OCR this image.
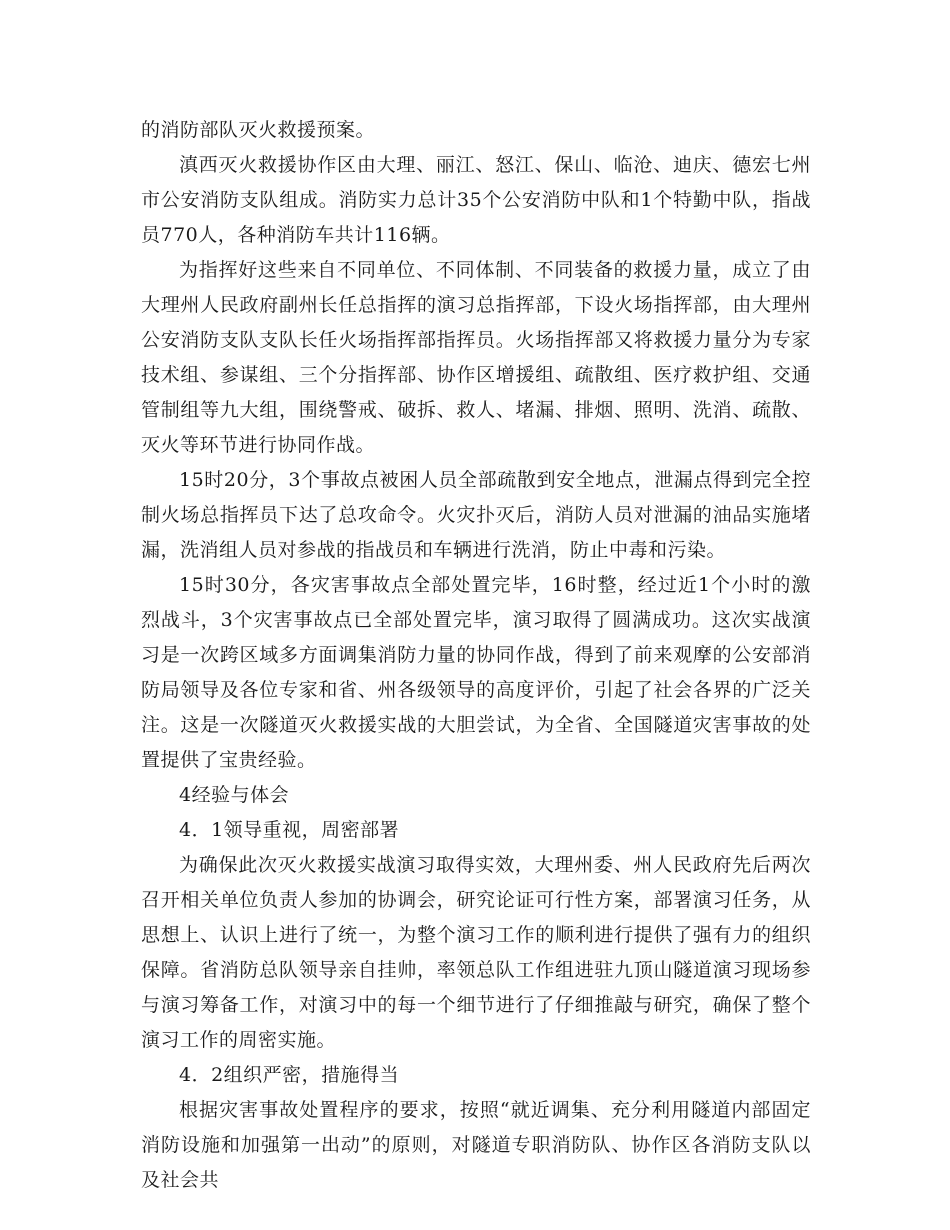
的消防部队灭火救援预案。

滇西灭火救援协作区由大理、丽江、怒江、保山、临沧、迪庆、德宏七州市公安消防支队组成。消防实力总计35个公安消防中队和1个特勤中队，指战员770人，各种消防车共计116辆。

为指挥好这些来自不同单位、不同体制、不同装备的救援力量，成立了由大理州人民政府副州长任总指挥的演习总指挥部，下设火场指挥部，由大理州公安消防支队支队长任火场指挥部指挥员。火场指挥部又将救援力量分为专家技术组、参谋组、三个分指挥部、协作区增援组、疏散组、医疗救护组、交通管制组等九大组，围绕警戒、破拆、救人、堵漏、排烟、照明、洗消、疏散、灭火等环节进行协同作战。

15时20分，3个事故点被困人员全部疏散到安全地点，泄漏点得到完全控制火场总指挥员下达了总攻命令。火灾扑灭后，消防人员对泄漏的油品实施堵漏，洗消组人员对参战的指战员和车辆进行洗消，防止中毒和污染。

15时30分，各灾害事故点全部处置完毕，16时整，经过近1个小时的激烈战斗，3个灾害事故点已全部处置完毕，演习取得了圆满成功。这次实战演习是一次跨区域多方面调集消防力量的协同作战，得到了前来观摩的公安部消防局领导及各位专家和省、州各级领导的高度评价，引起了社会各界的广泛关注。这是一次隧道灭火救援实战的大胆尝试，为全省、全国隧道灾害事故的处置提供了宝贵经验。

4经验与体会

4．1领导重视，周密部署

为确保此次灭火救援实战演习取得实效，大理州委、州人民政府先后两次召开相关单位负责人参加的协调会，研究论证可行性方案，部署演习任务，从思想上、认识上进行了统一，为整个演习工作的顺利进行提供了强有力的组织保障。省消防总队领导亲自挂帅，率领总队工作组进驻九顶山隧道演习现场参与演习筹备工作，对演习中的每一个细节进行了仔细推敲与研究，确保了整个演习工作的周密实施。

4．2组织严密，措施得当

根据灾害事故处置程序的要求，按照“就近调集、充分利用隧道内部固定消防设施和加强第一出动”的原则，对隧道专职消防队、协作区各消防支队以及社会共
